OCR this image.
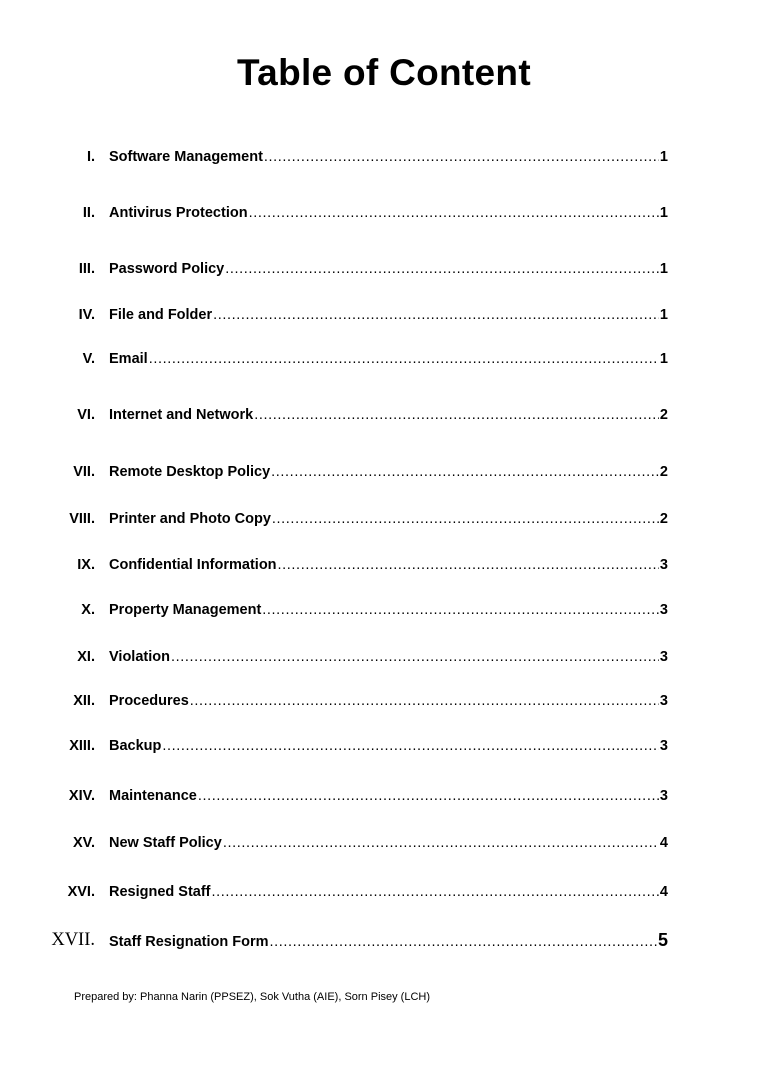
Table of Content
I. Software Management .....	1
II. Antivirus Protection .....	1
III. Password Policy .....	1
IV. File and Folder .....	1
V. Email .....	1
VI. Internet and Network .....	2
VII. Remote Desktop Policy .....	2
VIII. Printer and Photo Copy .....	2
IX. Confidential Information .....	3
X. Property Management .....	3
XI. Violation .....	3
XII. Procedures .....	3
XIII. Backup .....	3
XIV. Maintenance .....	3
XV. New Staff Policy .....	4
XVI. Resigned Staff .....	4
XVII. Staff Resignation Form .....	5
Prepared by: Phanna Narin (PPSEZ), Sok Vutha (AIE), Sorn Pisey (LCH)
